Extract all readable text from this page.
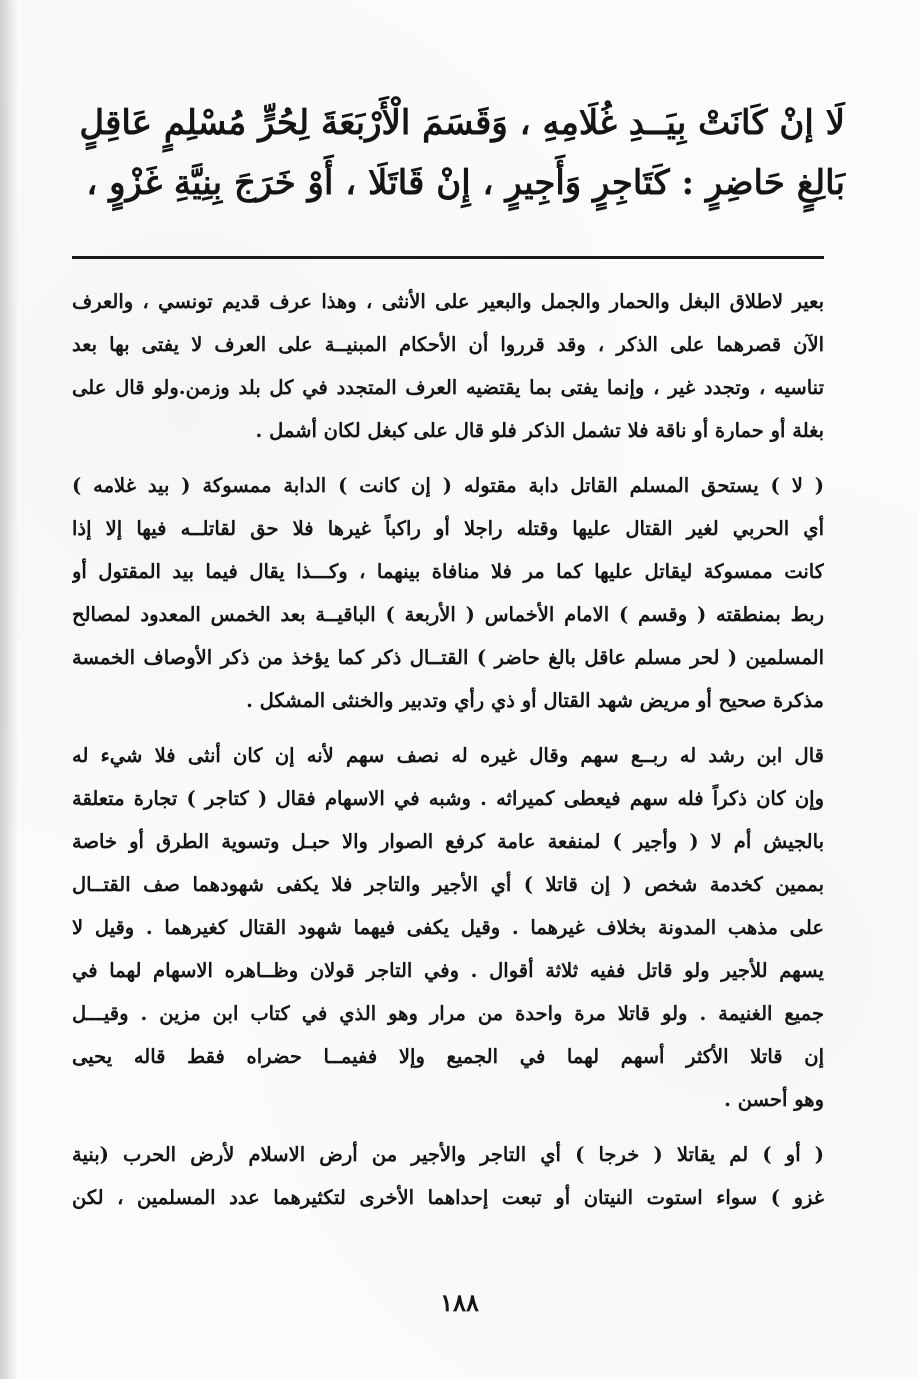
لَا إنْ كَانَتْ بِيَــدِ غُلَامِهِ ، وَقَسَمَ الْأَرْبَعَةَ لِحُرٍّ مُسْلِمٍ عَاقِلٍ
بَالِغٍ حَاضِرٍ : كَتَاجِرٍ وَأَجِيرٍ ، إِنْ قَاتَلَا ، أَوْ خَرَجَ بِنِيَّةِ غَزْوٍ ،
بعير لاطلاق البغل والحمار والجمل والبعير على الأنثى ، وهذا عرف قديم تونسي ، والعرف
الآن قصرهما على الذكر ، وقد قرروا أن الأحكام المبنيــة على العرف لا يفتى بها بعد
تناسيه ، وتجدد غير ، وإنما يفتى بما يقتضيه العرف المتجدد في كل بلد وزمن.ولو قال على
بغلة أو حمارة أو ناقة فلا تشمل الذكر فلو قال على كبغل لكان أشمل .
( لا ) يستحق المسلم القاتل دابة مقتوله ( إن كانت ) الدابة ممسوكة ( بيد غلامه )
أي الحربي لغير القتال عليها وقتله راجلا أو راكباً غيرها فلا حق لقاتلــه فيها إلا إذا
كانت ممسوكة ليقاتل عليها كما مر فلا منافاة بينهما ، وكـــذا يقال فيما بيد المقتول أو
ربط بمنطقته ( وقسم ) الامام الأخماس ( الأربعة ) الباقيــة بعد الخمس المعدود لمصالح
المسلمين ( لحر مسلم عاقل بالغ حاضر ) القتــال ذكر كما يؤخذ من ذكر الأوصاف الخمسة
مذكرة صحيح أو مريض شهد القتال أو ذي رأي وتدبير والخنثى المشكل .
قال ابن رشد له ربــع سهم وقال غيره له نصف سهم لأنه إن كان أنثى فلا شيء له
وإن كان ذكراً فله سهم فيعطى كميراثه . وشبه في الاسهام فقال ( كتاجر ) تجارة متعلقة
بالجيش أم لا ( وأجير ) لمنفعة عامة كرفع الصوار والا حبـل وتسوية الطرق أو خاصة
بممين كخدمة شخص ( إن قاتلا ) أي الأجير والتاجر فلا يكفى شهودهما صف القتــال
على مذهب المدونة بخلاف غيرهما . وقيل يكفى فيهما شهود القتال كغيرهما . وقيل لا
يسهم للأجير ولو قاتل ففيه ثلاثة أقوال . وفي التاجر قولان وظــاهره الاسهام لهما في
جميع الغنيمة . ولو قاتلا مرة واحدة من مرار وهو الذي في كتاب ابن مزين . وقيـــل
إن قاتلا الأكثر أسهم لهما في الجميع وإلا ففيمــا حضراه فقط قاله يحيى
وهو أحسن .
( أو ) لم يقاتلا ( خرجا ) أي التاجر والأجير من أرض الاسلام لأرض الحرب (بنية
غزو ) سواء استوت النيتان أو تبعت إحداهما الأخرى لتكثيرهما عدد المسلمين ، لكن
١٨٨
